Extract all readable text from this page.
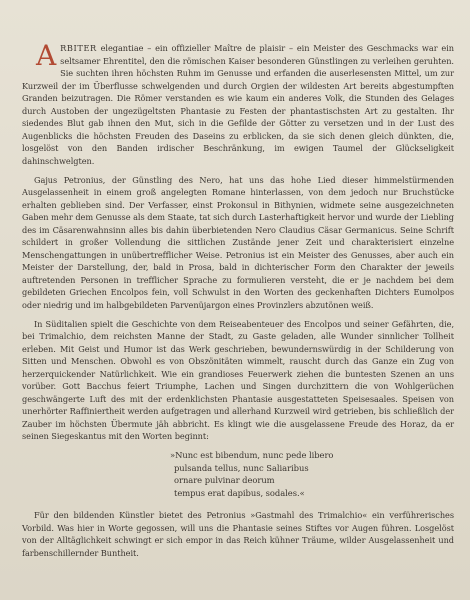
ARBITER elegantiae – ein offizieller Maître de plaisir – ein Meister des Geschmacks war ein seltsamer Ehrentitel, den die römischen Kaiser besonderen Günstlingen zu verleihen geruhten. Sie suchten ihren höchsten Ruhm im Genusse und erfanden die auserlesensten Mittel, um zur Kurzweil der im Überflusse schwelgenden und durch Orgien der wildesten Art bereits abgestumpften Granden beizutragen. Die Römer verstanden es wie kaum ein anderes Volk, die Stunden des Gelages durch Austoben der ungezügeltsten Phantasie zu Festen der phantastischsten Art zu gestalten. Ihr siedendes Blut gab ihnen den Mut, sich in die Gefilde der Götter zu versetzen und in der Lust des Augenblicks die höchsten Freuden des Daseins zu erblicken, da sie sich denen gleich dünkten, die, losgelöst von den Banden irdischer Beschränkung, im ewigen Taumel der Glückseligkeit dahinschwelgten.

Gajus Petronius, der Günstling des Nero, hat uns das hohe Lied dieser himmelstürmenden Ausgelassenheit in einem groß angelegten Romane hinterlassen, von dem jedoch nur Bruchstücke erhalten geblieben sind. Der Verfasser, einst Prokonsul in Bithynien, widmete seine ausgezeichneten Gaben mehr dem Genusse als dem Staate, tat sich durch Lasterhaftigkeit hervor und wurde der Liebling des im Cäsarenwahnsinn alles bis dahin überbietenden Nero Claudius Cäsar Germanicus. Seine Schrift schildert in großer Vollendung die sittlichen Zustände jener Zeit und charakterisiert einzelne Menschengattungen in unübertrefflicher Weise. Petronius ist ein Meister des Genusses, aber auch ein Meister der Darstellung, der, bald in Prosa, bald in dichterischer Form den Charakter der jeweils auftretenden Personen in trefflicher Sprache zu formulieren versteht, die er je nachdem bei dem gebildeten Griechen Encolpos fein, voll Schwulst in den Worten des geckenhaften Dichters Eumolpos oder niedrig und im halbgebildeten Parvenüjargon eines Provinzlers abzutönen weiß.

In Süditalien spielt die Geschichte von dem Reiseabenteuer des Encolpos und seiner Gefährten, die, bei Trimalchio, dem reichsten Manne der Stadt, zu Gaste geladen, alle Wunder sinnlicher Tollheit erleben. Mit Geist und Humor ist das Werk geschrieben, bewundernswürdig in der Schilderung von Sitten und Menschen. Obwohl es von Obszönitäten wimmelt, rauscht durch das Ganze ein Zug von herzerquickender Natürlichkeit. Wie ein grandioses Feuerwerk ziehen die buntesten Szenen an uns vorüber. Gott Bacchus feiert Triumphe, Lachen und Singen durchzittern die von Wohlgerüchen geschwängerte Luft des mit der erdenklichsten Phantasie ausgestatteten Speisesaales. Speisen von unerhörter Raffiniertheit werden aufgetragen und allerhand Kurzweil wird getrieben, bis schließlich der Zauber im höchsten Übermute jäh abbricht. Es klingt wie die ausgelassene Freude des Horaz, da er seinen Siegeskantus mit den Worten beginnt:

»Nunc est bibendum, nunc pede libero
pulsanda tellus, nunc Saliaribus
ornare pulvinar deorum
tempus erat dapibus, sodales.«

Für den bildenden Künstler bietet des Petronius »Gastmahl des Trimalchio« ein verführerisches Vorbild. Was hier in Worte gegossen, will uns die Phantasie seines Stiftes vor Augen führen. Losgelöst von der Alltäglichkeit schwingt er sich empor in das Reich kühner Träume, wilder Ausgelassenheit und farbenschillernder Buntheit.
